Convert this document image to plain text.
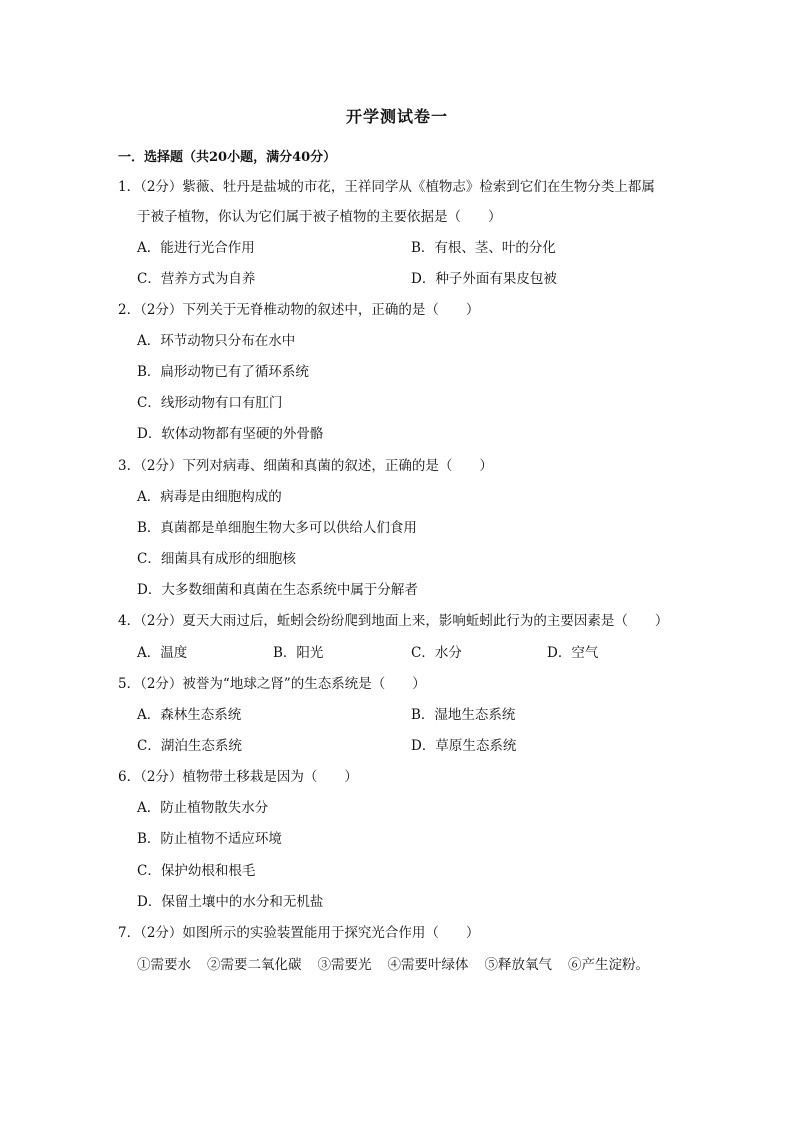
开学测试卷一
一．选择题（共20小题，满分40分）
1．（2分）紫薇、牡丹是盐城的市花，王祥同学从《植物志》检索到它们在生物分类上都属
于被子植物，你认为它们属于被子植物的主要依据是（　　）
A．能进行光合作用	B．有根、茎、叶的分化
C．营养方式为自养	D．种子外面有果皮包被
2．（2分）下列关于无脊椎动物的叙述中，正确的是（　　）
A．环节动物只分布在水中
B．扁形动物已有了循环系统
C．线形动物有口有肛门
D．软体动物都有坚硬的外骨骼
3．（2分）下列对病毒、细菌和真菌的叙述，正确的是（　　）
A．病毒是由细胞构成的
B．真菌都是单细胞生物大多可以供给人们食用
C．细菌具有成形的细胞核
D．大多数细菌和真菌在生态系统中属于分解者
4．（2分）夏天大雨过后，蚯蚓会纷纷爬到地面上来，影响蚯蚓此行为的主要因素是（　　）
A．温度	B．阳光	C．水分	D．空气
5．（2分）被誉为“地球之肾”的生态系统是（　　）
A．森林生态系统	B．湿地生态系统
C．湖泊生态系统	D．草原生态系统
6．（2分）植物带土移栽是因为（　　）
A．防止植物散失水分
B．防止植物不适应环境
C．保护幼根和根毛
D．保留土壤中的水分和无机盐
7．（2分）如图所示的实验装置能用于探究光合作用（　　）
①需要水 ②需要二氧化碳 ③需要光 ④需要叶绿体 ⑤释放氧气 ⑥产生淀粉。
